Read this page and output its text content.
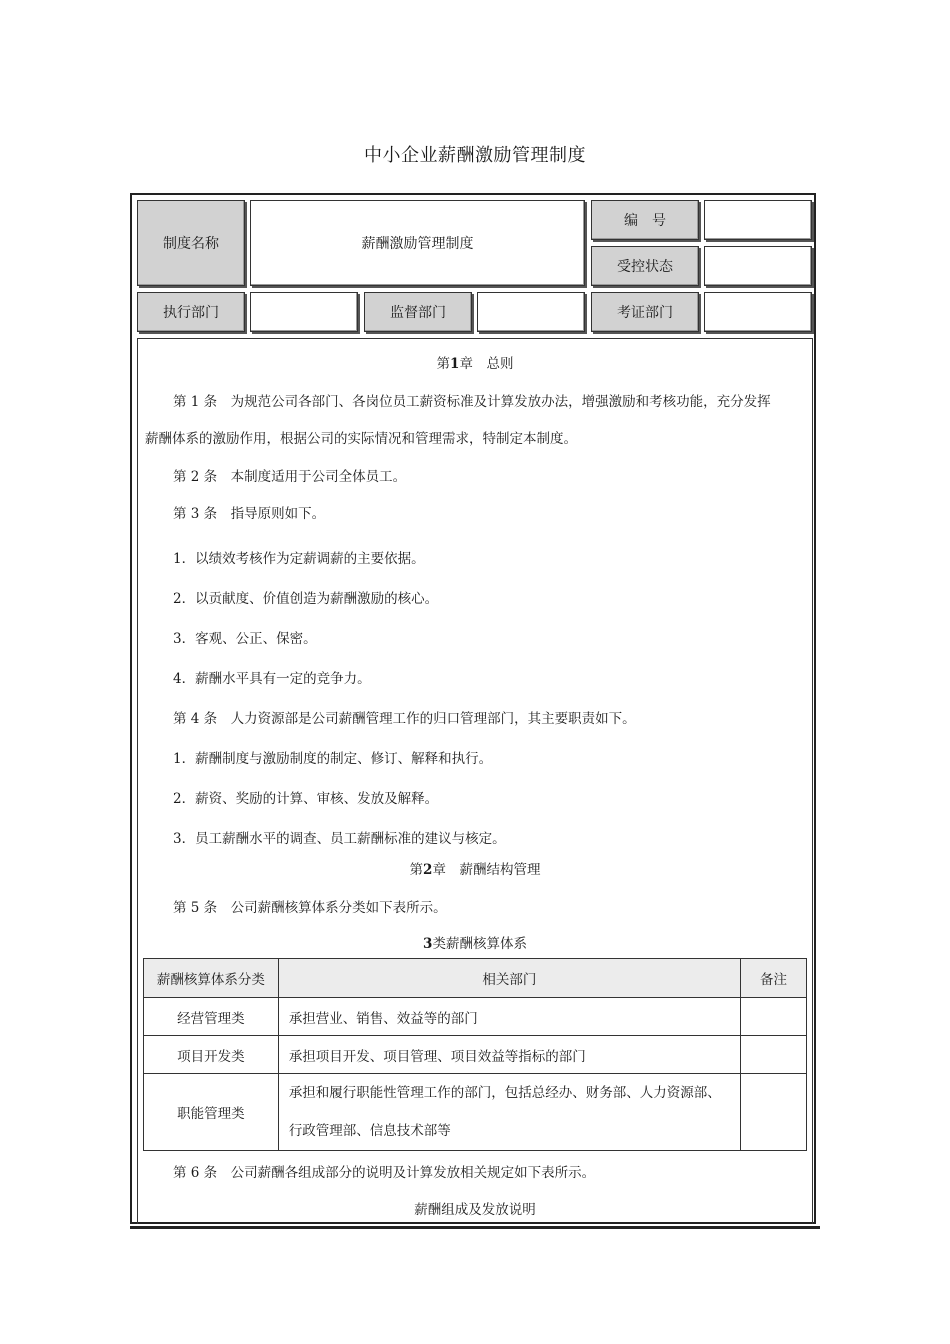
中小企业薪酬激励管理制度
制度名称	薪酬激励管理制度
编　号
受控状态
执行部门	监督部门	考证部门
第1章　总则
第 1 条　为规范公司各部门、各岗位员工薪资标准及计算发放办法，增强激励和考核功能，充分发挥
薪酬体系的激励作用，根据公司的实际情况和管理需求，特制定本制度。
第 2 条　本制度适用于公司全体员工。
第 3 条　指导原则如下。
1．以绩效考核作为定薪调薪的主要依据。
2．以贡献度、价值创造为薪酬激励的核心。
3．客观、公正、保密。
4．薪酬水平具有一定的竞争力。
第 4 条　人力资源部是公司薪酬管理工作的归口管理部门，其主要职责如下。
1．薪酬制度与激励制度的制定、修订、解释和执行。
2．薪资、奖励的计算、审核、发放及解释。
3．员工薪酬水平的调查、员工薪酬标准的建议与核定。
第2章　薪酬结构管理
第 5 条　公司薪酬核算体系分类如下表所示。
3类薪酬核算体系
薪酬核算体系分类	相关部门	备注
经营管理类	承担营业、销售、效益等的部门	
项目开发类	承担项目开发、项目管理、项目效益等指标的部门	
职能管理类	承担和履行职能性管理工作的部门，包括总经办、财务部、人力资源部、行政管理部、信息技术部等	
第 6 条　公司薪酬各组成部分的说明及计算发放相关规定如下表所示。
薪酬组成及发放说明
